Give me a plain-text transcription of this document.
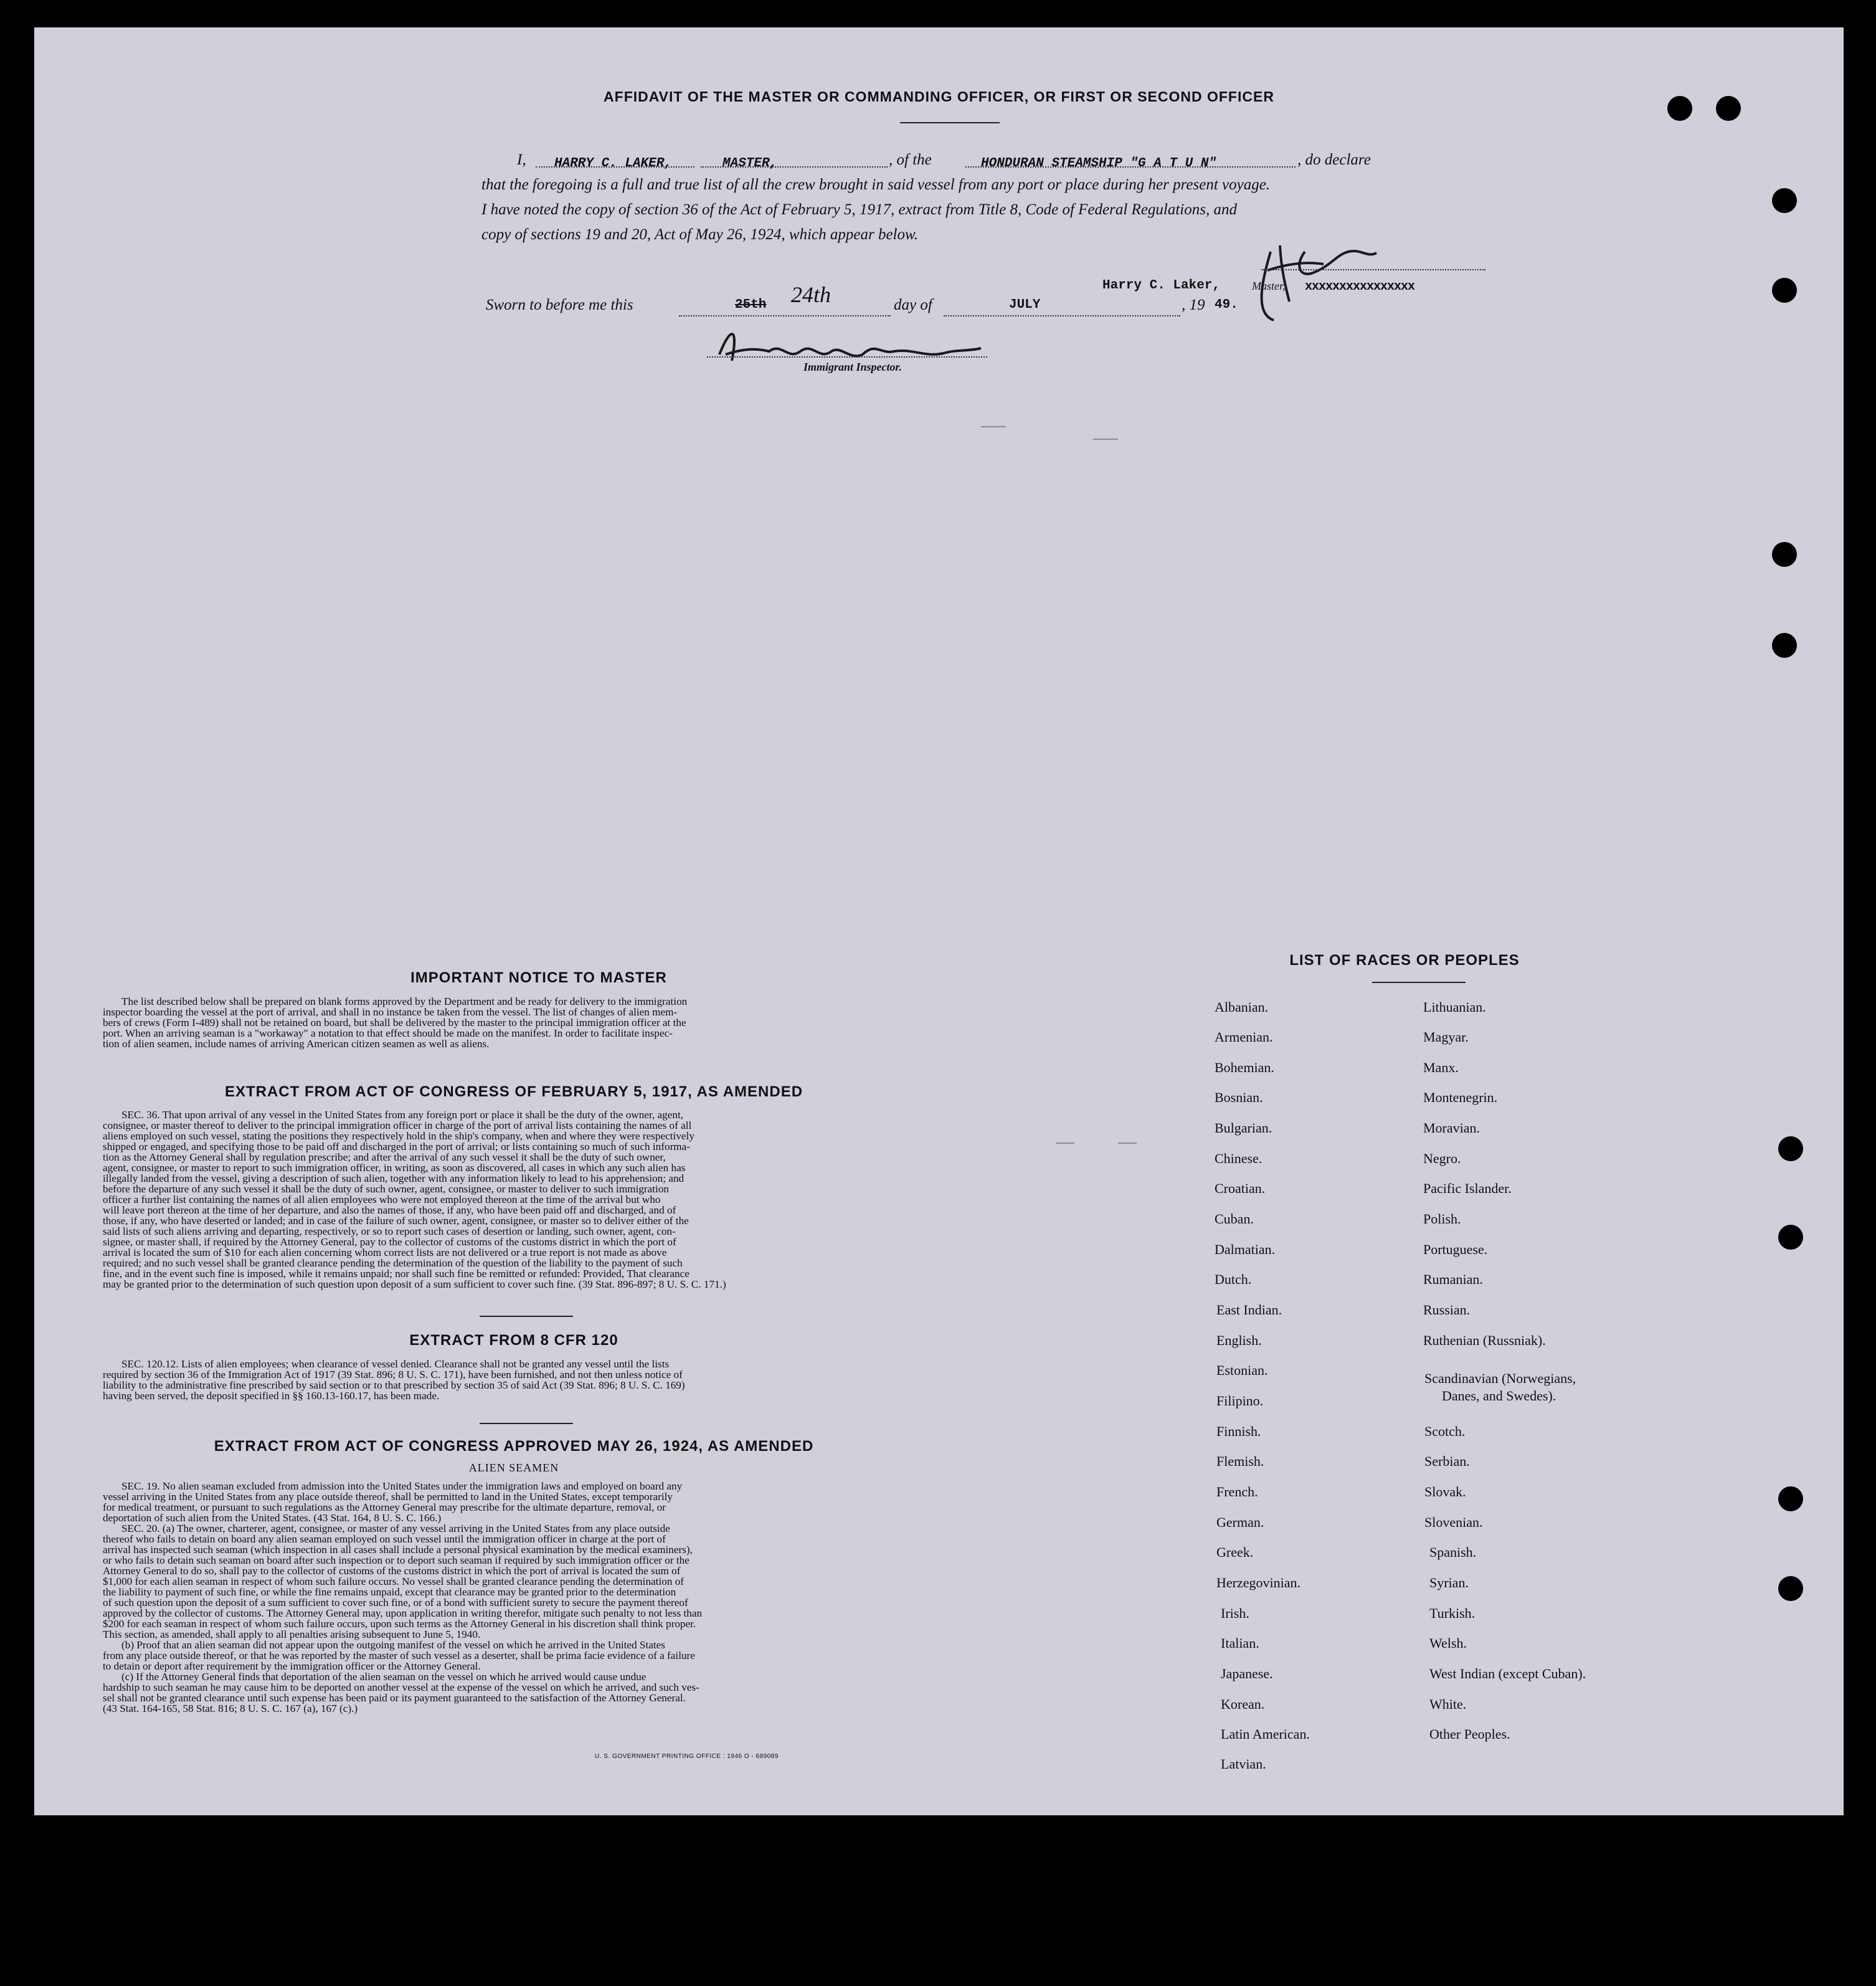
AFFIDAVIT OF THE MASTER OR COMMANDING OFFICER, OR FIRST OR SECOND OFFICER
I, HARRY C. LAKER,	MASTER,	, of the	HONDURAN STEAMSHIP "G A T U N"	, do declare
that the foregoing is a full and true list of all the crew brought in said vessel from any port or place during her present voyage.
I have noted the copy of section 36 of the Act of February 5, 1917, extract from Title 8, Code of Federal Regulations, and
copy of sections 19 and 20, Act of May 26, 1924, which appear below.
Harry C. Laker,	Master, xxxxxxxxxxxxxxxx
Sworn to before me this	25th 24th	day of	JULY	, 19 49.
Immigrant Inspector.
IMPORTANT NOTICE TO MASTER
The list described below shall be prepared on blank forms approved by the Department and be ready for delivery to the immigration
inspector boarding the vessel at the port of arrival, and shall in no instance be taken from the vessel. The list of changes of alien mem-
bers of crews (Form I-489) shall not be retained on board, but shall be delivered by the master to the principal immigration officer at the
port. When an arriving seaman is a "workaway" a notation to that effect should be made on the manifest. In order to facilitate inspec-
tion of alien seamen, include names of arriving American citizen seamen as well as aliens.
EXTRACT FROM ACT OF CONGRESS OF FEBRUARY 5, 1917, AS AMENDED
SEC. 36. That upon arrival of any vessel in the United States from any foreign port or place it shall be the duty of the owner, agent,
consignee, or master thereof to deliver to the principal immigration officer in charge of the port of arrival lists containing the names of all
aliens employed on such vessel, stating the positions they respectively hold in the ship's company, when and where they were respectively
shipped or engaged, and specifying those to be paid off and discharged in the port of arrival; or lists containing so much of such informa-
tion as the Attorney General shall by regulation prescribe; and after the arrival of any such vessel it shall be the duty of such owner,
agent, consignee, or master to report to such immigration officer, in writing, as soon as discovered, all cases in which any such alien has
illegally landed from the vessel, giving a description of such alien, together with any information likely to lead to his apprehension; and
before the departure of any such vessel it shall be the duty of such owner, agent, consignee, or master to deliver to such immigration
officer a further list containing the names of all alien employees who were not employed thereon at the time of the arrival but who
will leave port thereon at the time of her departure, and also the names of those, if any, who have been paid off and discharged, and of
those, if any, who have deserted or landed; and in case of the failure of such owner, agent, consignee, or master so to deliver either of the
said lists of such aliens arriving and departing, respectively, or so to report such cases of desertion or landing, such owner, agent, con-
signee, or master shall, if required by the Attorney General, pay to the collector of customs of the customs district in which the port of
arrival is located the sum of $10 for each alien concerning whom correct lists are not delivered or a true report is not made as above
required; and no such vessel shall be granted clearance pending the determination of the question of the liability to the payment of such
fine, and in the event such fine is imposed, while it remains unpaid; nor shall such fine be remitted or refunded: Provided, That clearance
may be granted prior to the determination of such question upon deposit of a sum sufficient to cover such fine. (39 Stat. 896-897; 8 U. S. C. 171.)
EXTRACT FROM 8 CFR 120
SEC. 120.12. Lists of alien employees; when clearance of vessel denied. Clearance shall not be granted any vessel until the lists
required by section 36 of the Immigration Act of 1917 (39 Stat. 896; 8 U. S. C. 171), have been furnished, and not then unless notice of
liability to the administrative fine prescribed by said section or to that prescribed by section 35 of said Act (39 Stat. 896; 8 U. S. C. 169)
having been served, the deposit specified in §§ 160.13-160.17, has been made.
EXTRACT FROM ACT OF CONGRESS APPROVED MAY 26, 1924, AS AMENDED
ALIEN SEAMEN
SEC. 19. No alien seaman excluded from admission into the United States under the immigration laws and employed on board any
vessel arriving in the United States from any place outside thereof, shall be permitted to land in the United States, except temporarily
for medical treatment, or pursuant to such regulations as the Attorney General may prescribe for the ultimate departure, removal, or
deportation of such alien from the United States. (43 Stat. 164, 8 U. S. C. 166.)
SEC. 20. (a) The owner, charterer, agent, consignee, or master of any vessel arriving in the United States from any place outside
thereof who fails to detain on board any alien seaman employed on such vessel until the immigration officer in charge at the port of
arrival has inspected such seaman (which inspection in all cases shall include a personal physical examination by the medical examiners),
or who fails to detain such seaman on board after such inspection or to deport such seaman if required by such immigration officer or the
Attorney General to do so, shall pay to the collector of customs of the customs district in which the port of arrival is located the sum of
$1,000 for each alien seaman in respect of whom such failure occurs. No vessel shall be granted clearance pending the determination of
the liability to payment of such fine, or while the fine remains unpaid, except that clearance may be granted prior to the determination
of such question upon the deposit of a sum sufficient to cover such fine, or of a bond with sufficient surety to secure the payment thereof
approved by the collector of customs. The Attorney General may, upon application in writing therefor, mitigate such penalty to not less than
$200 for each seaman in respect of whom such failure occurs, upon such terms as the Attorney General in his discretion shall think proper.
This section, as amended, shall apply to all penalties arising subsequent to June 5, 1940.
(b) Proof that an alien seaman did not appear upon the outgoing manifest of the vessel on which he arrived in the United States
from any place outside thereof, or that he was reported by the master of such vessel as a deserter, shall be prima facie evidence of a failure
to detain or deport after requirement by the immigration officer or the Attorney General.
(c) If the Attorney General finds that deportation of the alien seaman on the vessel on which he arrived would cause undue
hardship to such seaman he may cause him to be deported on another vessel at the expense of the vessel on which he arrived, and such ves-
sel shall not be granted clearance until such expense has been paid or its payment guaranteed to the satisfaction of the Attorney General.
(43 Stat. 164-165, 58 Stat. 816; 8 U. S. C. 167 (a), 167 (c).)
U. S. GOVERNMENT PRINTING OFFICE : 1946 O - 689089
LIST OF RACES OR PEOPLES
Albanian.
Armenian.
Bohemian.
Bosnian.
Bulgarian.
Chinese.
Croatian.
Cuban.
Dalmatian.
Dutch.
East Indian.
English.
Estonian.
Filipino.
Finnish.
Flemish.
French.
German.
Greek.
Herzegovinian.
Irish.
Italian.
Japanese.
Korean.
Latin American.
Latvian.
Lithuanian.
Magyar.
Manx.
Montenegrin.
Moravian.
Negro.
Pacific Islander.
Polish.
Portuguese.
Rumanian.
Russian.
Ruthenian (Russniak).
Scandinavian (Norwegians,
Danes, and Swedes).
Scotch.
Serbian.
Slovak.
Slovenian.
Spanish.
Syrian.
Turkish.
Welsh.
West Indian (except Cuban).
White.
Other Peoples.
